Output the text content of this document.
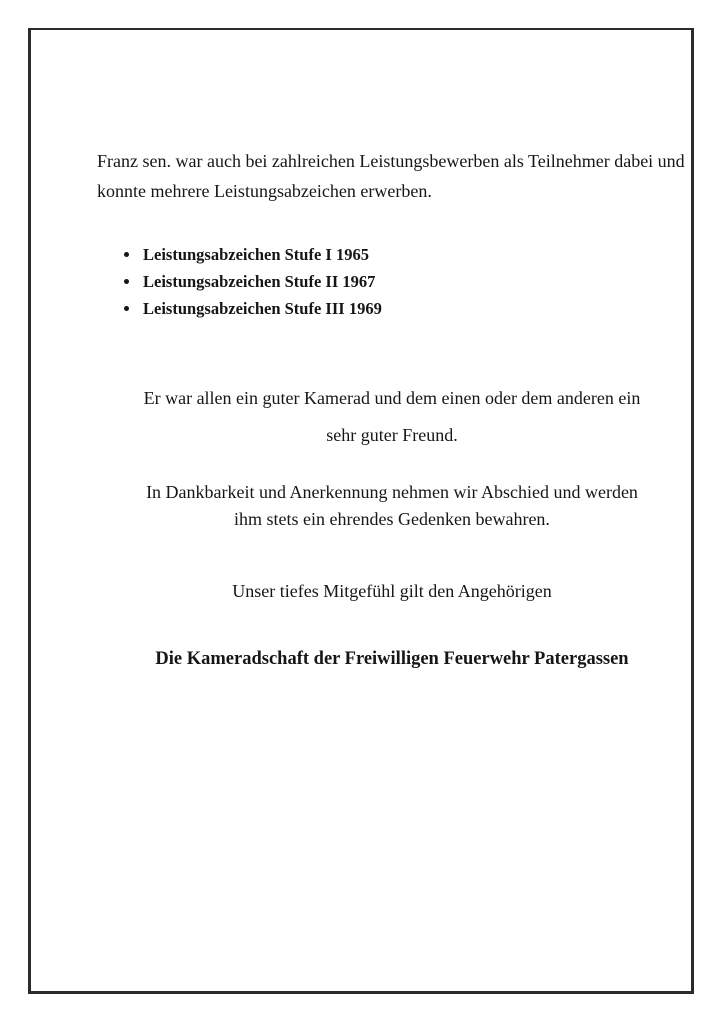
Franz sen. war auch bei zahlreichen Leistungsbewerben als Teilnehmer dabei und konnte mehrere Leistungsabzeichen erwerben.

• Leistungsabzeichen Stufe I 1965
• Leistungsabzeichen Stufe II 1967
• Leistungsabzeichen Stufe III 1969
Er war allen ein guter Kamerad und dem einen oder dem anderen ein
sehr guter Freund.
In Dankbarkeit und Anerkennung nehmen wir Abschied und werden
ihm stets ein ehrendes Gedenken bewahren.
Unser tiefes Mitgefühl gilt den Angehörigen
Die Kameradschaft der Freiwilligen Feuerwehr Patergassen
